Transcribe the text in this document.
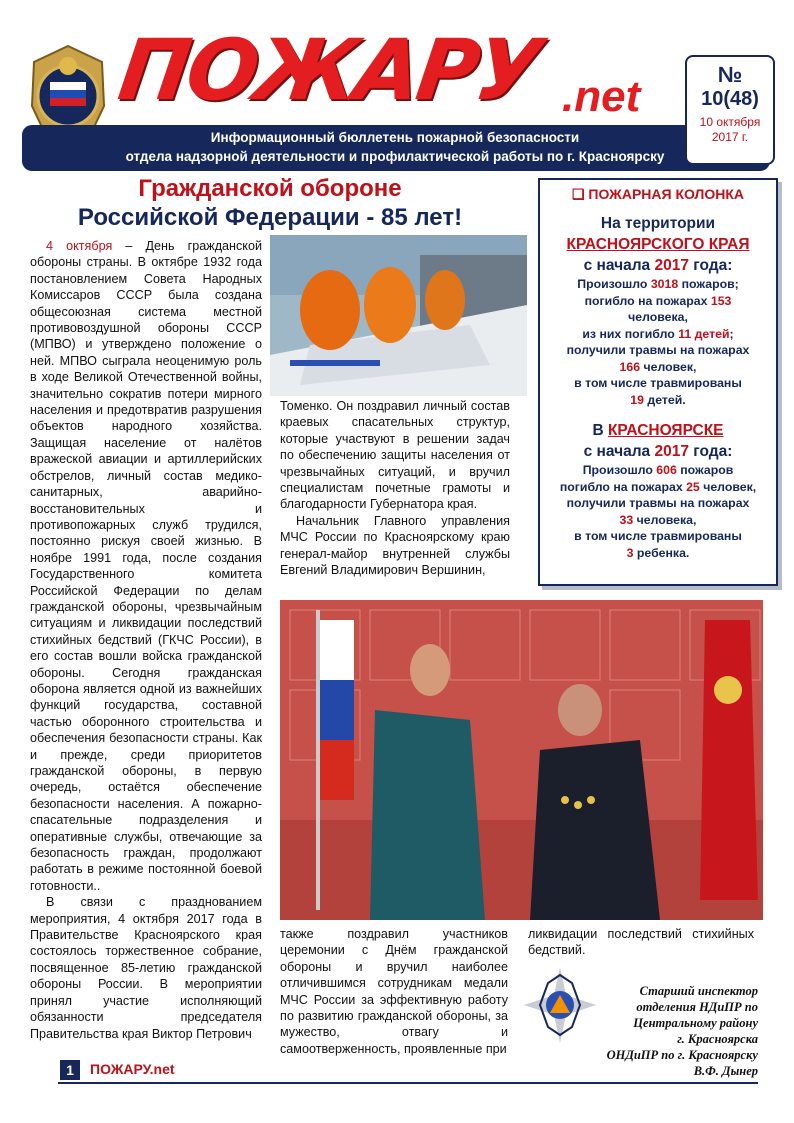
ПОЖАРУ .net
Информационный бюллетень пожарной безопасности
отдела надзорной деятельности и профилактической работы по г. Красноярску
№
10(48)
10 октября
2017 г.
Гражданской обороне
Российской Федерации - 85 лет!

4 октября – День гражданской обороны страны. В октябре 1932 года постановлением Совета Народных Комиссаров СССР была создана общесоюзная система местной противовоздушной обороны СССР (МПВО) и утверждено положение о ней. МПВО сыграла неоценимую роль в ходе Великой Отечественной войны, значительно сократив потери мирного населения и предотвратив разрушения объектов народного хозяйства. Защищая население от налётов вражеской авиации и артиллерийских обстрелов, личный состав медико-санитарных, аварийно-восстановительных и противопожарных служб трудился, постоянно рискуя своей жизнью. В ноябре 1991 года, после создания Государственного комитета Российской Федерации по делам гражданской обороны, чрезвычайным ситуациям и ликвидации последствий стихийных бедствий (ГКЧС России), в его состав вошли войска гражданской обороны. Сегодня гражданская оборона является одной из важнейших функций государства, составной частью оборонного строительства и обеспечения безопасности страны. Как и прежде, среди приоритетов гражданской обороны, в первую очередь, остаётся обеспечение безопасности населения. А пожарно-спасательные подразделения и оперативные службы, отвечающие за безопасность граждан, продолжают работать в режиме постоянной боевой готовности..

В связи с празднованием мероприятия, 4 октября 2017 года в Правительстве Красноярского края состоялось торжественное собрание, посвященное 85-летию гражданской обороны России. В мероприятии принял участие исполняющий обязанности председателя Правительства края Виктор Петрович

Томенко. Он поздравил личный состав краевых спасательных структур, которые участвуют в решении задач по обеспечению защиты населения от чрезвычайных ситуаций, и вручил специалистам почетные грамоты и благодарности Губернатора края.

Начальник Главного управления МЧС России по Красноярскому краю генерал-майор внутренней службы Евгений Владимирович Вершинин,

❑ ПОЖАРНАЯ КОЛОНКА
На территории
КРАСНОЯРСКОГО КРАЯ
с начала 2017 года:
Произошло 3018 пожаров;
погибло на пожарах 153
человека,
из них погибло 11 детей;
получили травмы на пожарах
166 человек,
в том числе травмированы
19 детей.
В КРАСНОЯРСКЕ
с начала 2017 года:
Произошло 606 пожаров
погибло на пожарах 25 человек,
получили травмы на пожарах
33 человека,
в том числе травмированы
3 ребенка.

также поздравил участников церемонии с Днём гражданской обороны и вручил наиболее отличившимся сотрудникам медали МЧС России за эффективную работу по развитию гражданской обороны, за мужество, отвагу и самоотверженность, проявленные при

ликвидации последствий стихийных бедствий.

Старший инспектор
отделения НДиПР по
Центральному району
г. Красноярска
ОНДиПР по г. Красноярску
В.Ф. Дынер
1	ПОЖАРУ.net
